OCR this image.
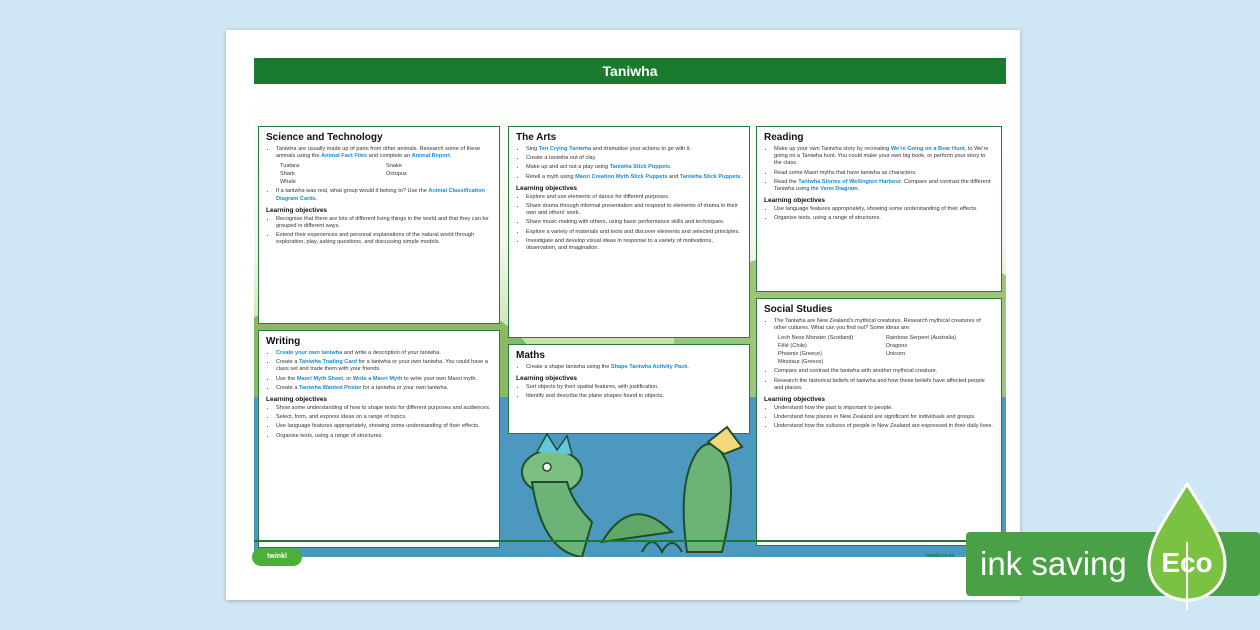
Taniwha
Science and Technology
• Taniwha are usually made up of parts from other animals. Research some of these animals using the Animal Fact Files and complete an Animal Report.
Tuatara	Snake
Shark	Octopus
Whale
• If a taniwha was real, what group would it belong to? Use the Animal Classification Diagram Cards.
Learning objectives
• Recognise that there are lots of different living things in the world and that they can be grouped in different ways.
• Extend their experiences and personal explanations of the natural world through exploration, play, asking questions, and discussing simple models.
Writing
• Create your own taniwha and write a description of your taniwha.
• Create a Taniwha Trading Card for a taniwha or your own taniwha. You could have a class set and trade them with your friends.
• Use the Maori Myth Sheet, or Write a Maori Myth to write your own Maori myth.
• Create a Taniwha Wanted Poster for a taniwha or your own taniwha.
Learning objectives
• Show some understanding of how to shape texts for different purposes and audiences.
• Select, form, and express ideas on a range of topics.
• Use language features appropriately, showing some understanding of their effects.
• Organise texts, using a range of structures.
The Arts
• Sing Ten Crying Taniwha and dramatise your actions to go with it.
• Create a taniwha out of clay.
• Make up and act out a play using Taniwha Stick Puppets.
• Retell a myth using Maori Creation Myth Stick Puppets and Taniwha Stick Puppets.
Learning objectives
• Explore and use elements of dance for different purposes.
• Share drama through informal presentation and respond to elements of drama in their own and others' work.
• Share music-making with others, using basic performance skills and techniques.
• Explore a variety of materials and tools and discover elements and selected principles.
• Investigate and develop visual ideas in response to a variety of motivations, observation, and imagination.
Maths
• Create a shape taniwha using the Shape Taniwha Activity Pack.
Learning objectives
• Sort objects by their spatial features, with justification.
• Identify and describe the plane shapes found in objects.
Reading
• Make up your own Taniwha story by recreating We're Going on a Bear Hunt, to We're going on a Taniwha hunt. You could make your own big book, or perform your story to the class.
• Read some Maori myths that have taniwha as characters.
• Read the Taniwha Stories of Wellington Harbour. Compare and contrast the different Taniwha using the Venn Diagram.
Learning objectives
• Use language features appropriately, showing some understanding of their effects.
• Organise texts, using a range of structures.
Social Studies
• The Taniwha are New Zealand's mythical creatures. Research mythical creatures of other cultures. What can you find out? Some ideas are:
Loch Ness Monster (Scotland)	Rainbow Serpent (Australia)
Fêlé (Chile)	Dragons
Phoenix (Greece)	Unicorn
Minotaur (Greece)
• Compare and contrast the taniwha with another mythical creature.
• Research the historical beliefs of taniwha and how these beliefs have affected people and places.
Learning objectives
• Understand how the past is important to people.
• Understand how places in New Zealand are significant for individuals and groups.
• Understand how the cultures of people in New Zealand are expressed in their daily lives.
twinkl	twinkl.co.nz ink saving Eco
